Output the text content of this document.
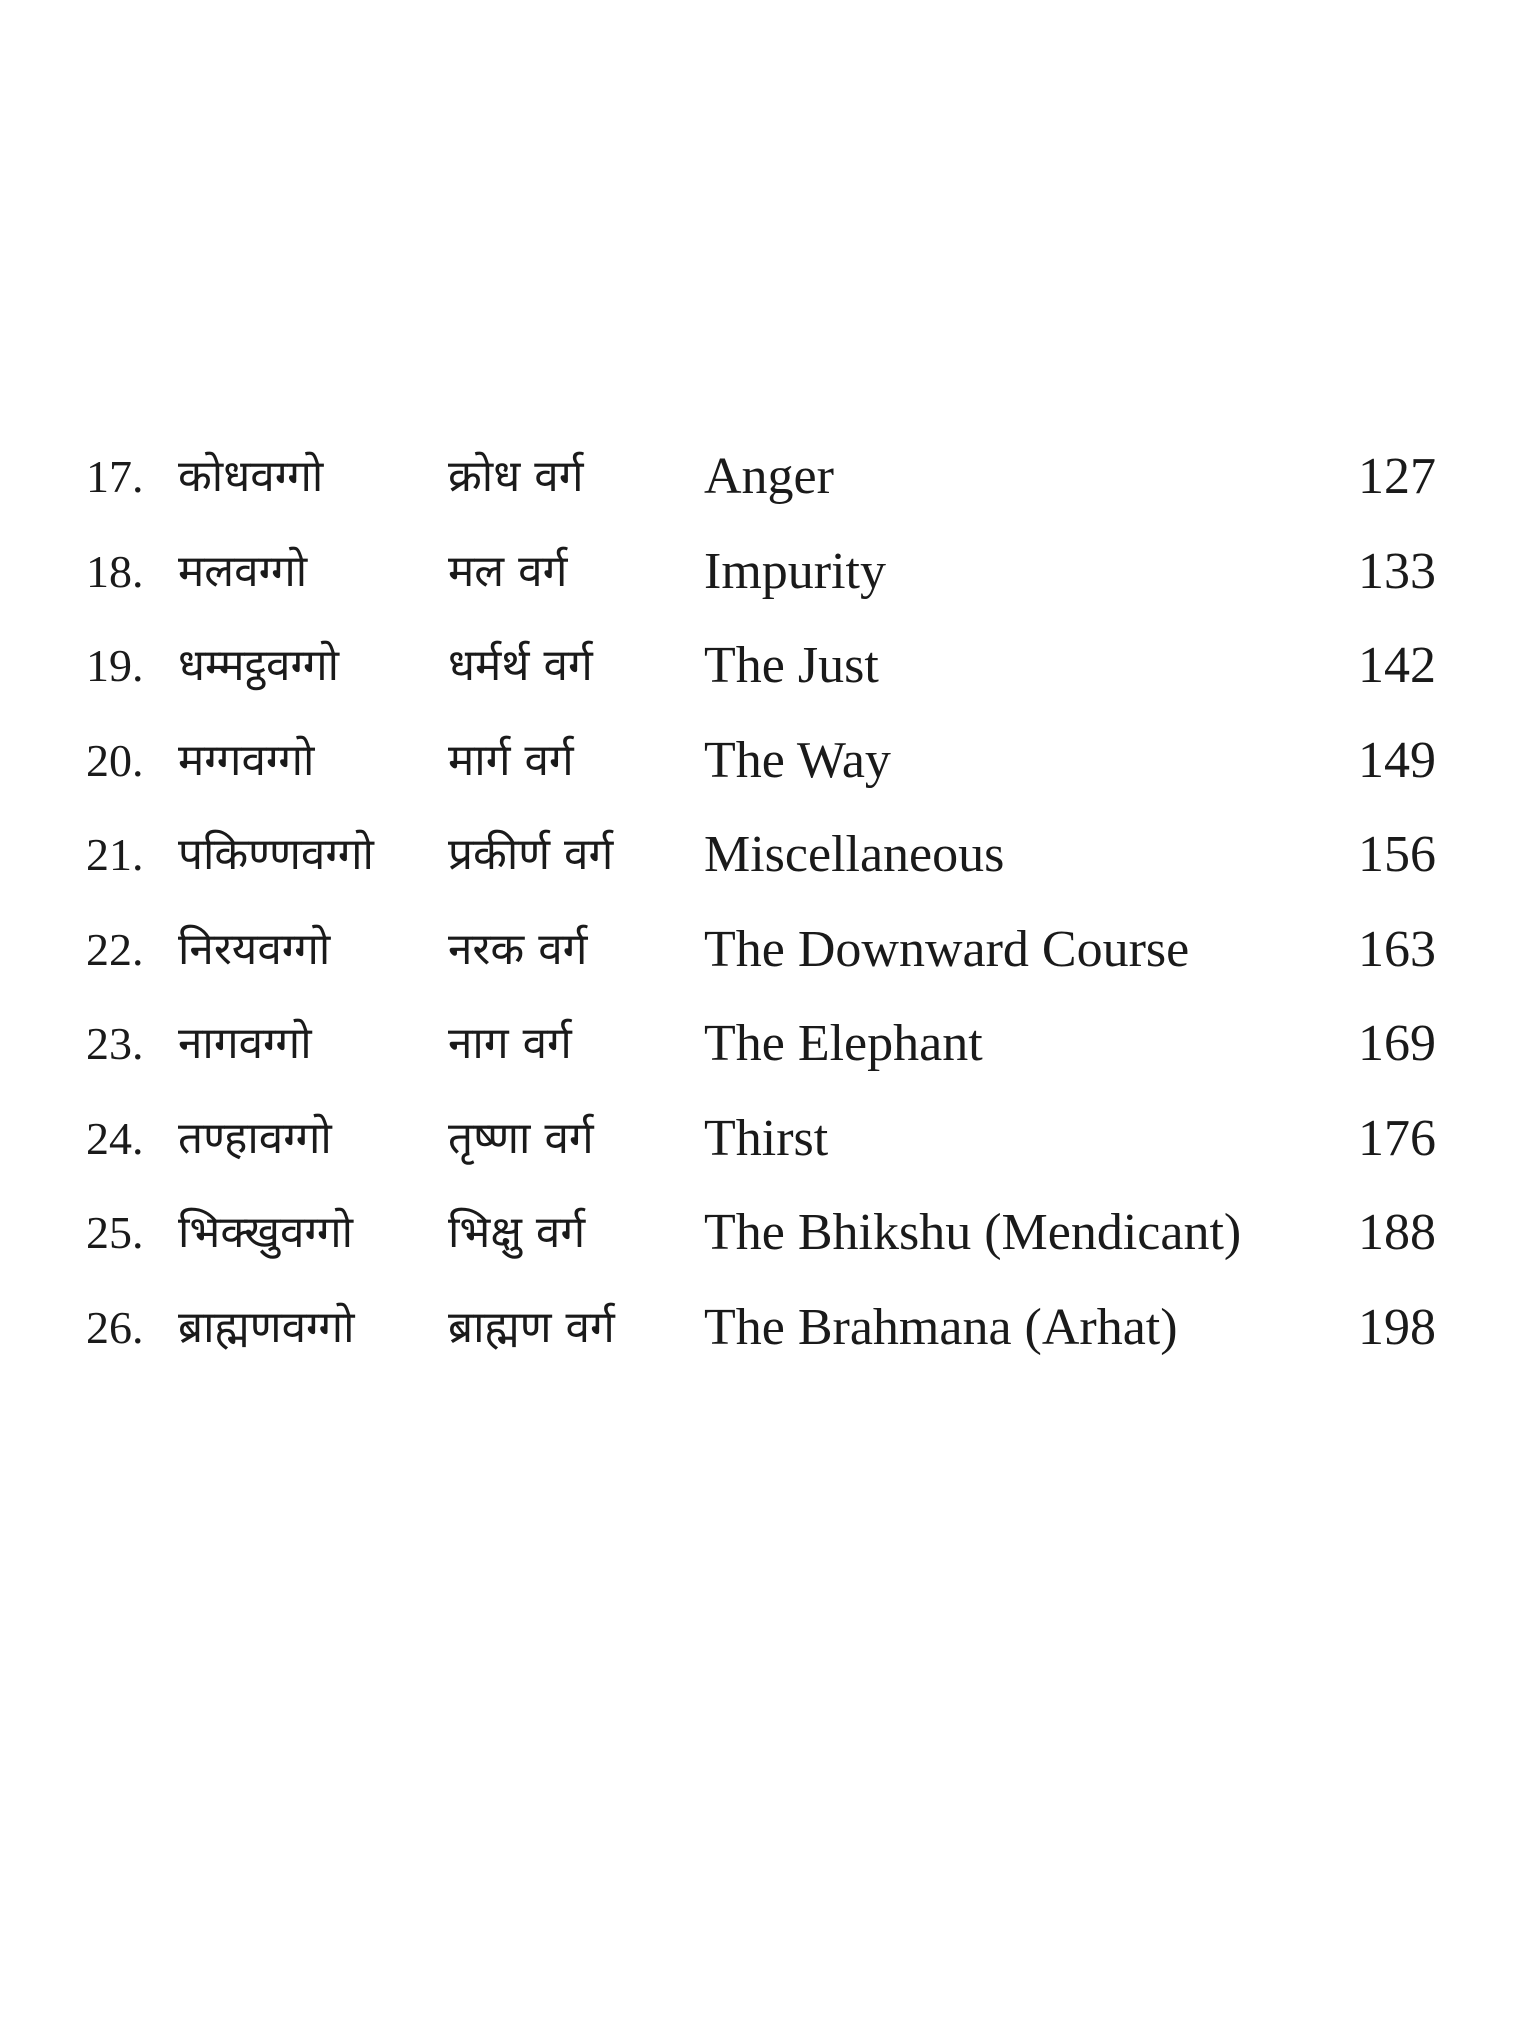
17. कोधवग्गो	क्रोध वर्ग	Anger	127
18. मलवग्गो	मल वर्ग	Impurity	133
19. धम्मट्ठवग्गो	धर्मर्थ वर्ग	The Just	142
20. मग्गवग्गो	मार्ग वर्ग	The Way	149
21. पकिण्णवग्गो	प्रकीर्ण वर्ग	Miscellaneous	156
22. निरयवग्गो	नरक वर्ग	The Downward Course	163
23. नागवग्गो	नाग वर्ग	The Elephant	169
24. तण्हावग्गो	तृष्णा वर्ग	Thirst	176
25. भिक्खुवग्गो	भिक्षु वर्ग	The Bhikshu (Mendicant)	188
26. ब्राह्मणवग्गो	ब्राह्मण वर्ग	The Brahmana (Arhat)	198
